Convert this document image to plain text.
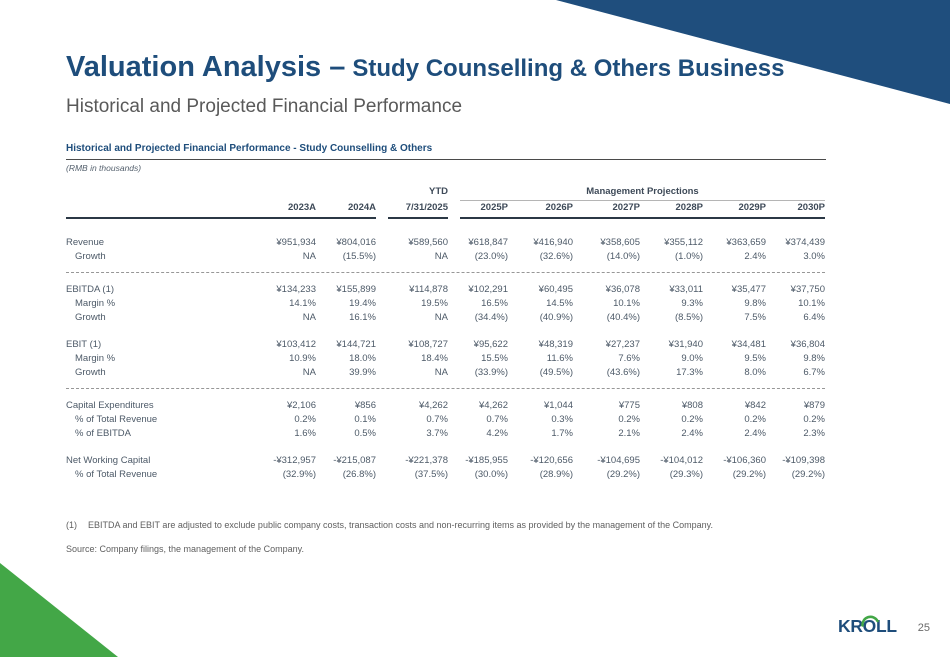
Valuation Analysis – Study Counselling & Others Business
Historical and Projected Financial Performance
Historical and Projected Financial Performance - Study Counselling & Others
(RMB in thousands)
YTD	Management Projections
2023A	2024A	7/31/2025	2025P	2026P	2027P	2028P	2029P	2030P
Revenue	¥951,934	¥804,016	¥589,560	¥618,847	¥416,940	¥358,605	¥355,112	¥363,659	¥374,439
Growth	NA	(15.5%)	NA	(23.0%)	(32.6%)	(14.0%)	(1.0%)	2.4%	3.0%
EBITDA (1)	¥134,233	¥155,899	¥114,878	¥102,291	¥60,495	¥36,078	¥33,011	¥35,477	¥37,750
Margin %	14.1%	19.4%	19.5%	16.5%	14.5%	10.1%	9.3%	9.8%	10.1%
Growth	NA	16.1%	NA	(34.4%)	(40.9%)	(40.4%)	(8.5%)	7.5%	6.4%
EBIT (1)	¥103,412	¥144,721	¥108,727	¥95,622	¥48,319	¥27,237	¥31,940	¥34,481	¥36,804
Margin %	10.9%	18.0%	18.4%	15.5%	11.6%	7.6%	9.0%	9.5%	9.8%
Growth	NA	39.9%	NA	(33.9%)	(49.5%)	(43.6%)	17.3%	8.0%	6.7%
Capital Expenditures	¥2,106	¥856	¥4,262	¥4,262	¥1,044	¥775	¥808	¥842	¥879
% of Total Revenue	0.2%	0.1%	0.7%	0.7%	0.3%	0.2%	0.2%	0.2%	0.2%
% of EBITDA	1.6%	0.5%	3.7%	4.2%	1.7%	2.1%	2.4%	2.4%	2.3%
Net Working Capital	-¥312,957	-¥215,087	-¥221,378	-¥185,955	-¥120,656	-¥104,695	-¥104,012	-¥106,360	-¥109,398
% of Total Revenue	(32.9%)	(26.8%)	(37.5%)	(30.0%)	(28.9%)	(29.2%)	(29.3%)	(29.2%)	(29.2%)
(1)	EBITDA and EBIT are adjusted to exclude public company costs, transaction costs and non-recurring items as provided by the management of the Company.
Source: Company filings, the management of the Company.
KROLL 25
